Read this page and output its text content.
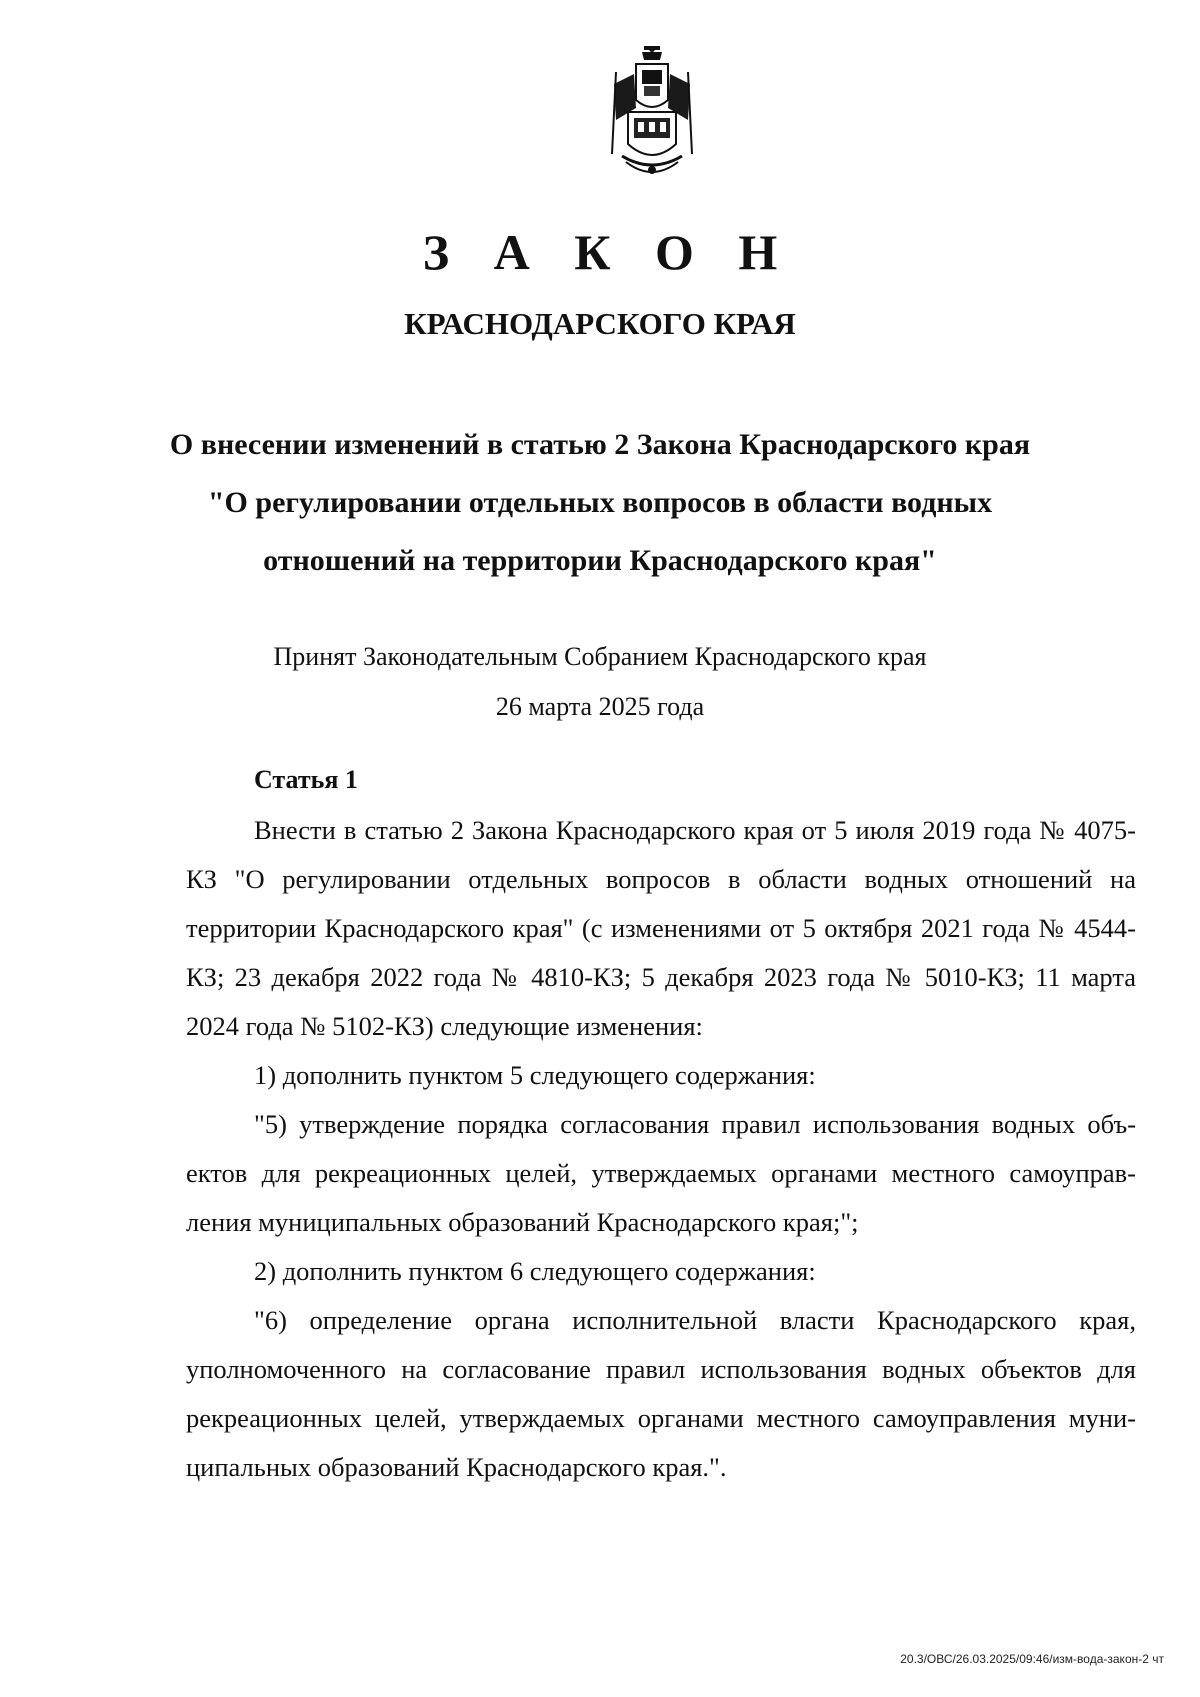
З А К О Н
КРАСНОДАРСКОГО КРАЯ
О внесении изменений в статью 2 Закона Краснодарского края "О регулировании отдельных вопросов в области водных отношений на территории Краснодарского края"
Принят Законодательным Собранием Краснодарского края
26 марта 2025 года
Статья 1

Внести в статью 2 Закона Краснодарского края от 5 июля 2019 года № 4075-КЗ "О регулировании отдельных вопросов в области водных отношений на территории Краснодарского края" (с изменениями от 5 октября 2021 года № 4544-КЗ; 23 декабря 2022 года № 4810-КЗ; 5 декабря 2023 года № 5010-КЗ; 11 марта 2024 года № 5102-КЗ) следующие изменения:

1) дополнить пунктом 5 следующего содержания:

"5) утверждение порядка согласования правил использования водных объ-ектов для рекреационных целей, утверждаемых органами местного самоуправ-ления муниципальных образований Краснодарского края;";

2) дополнить пунктом 6 следующего содержания:

"6) определение органа исполнительной власти Краснодарского края, уполномоченного на согласование правил использования водных объектов для рекреационных целей, утверждаемых органами местного самоуправления муни-ципальных образований Краснодарского края.".

20.3/ОВС/26.03.2025/09:46/изм-вода-закон-2 чт
